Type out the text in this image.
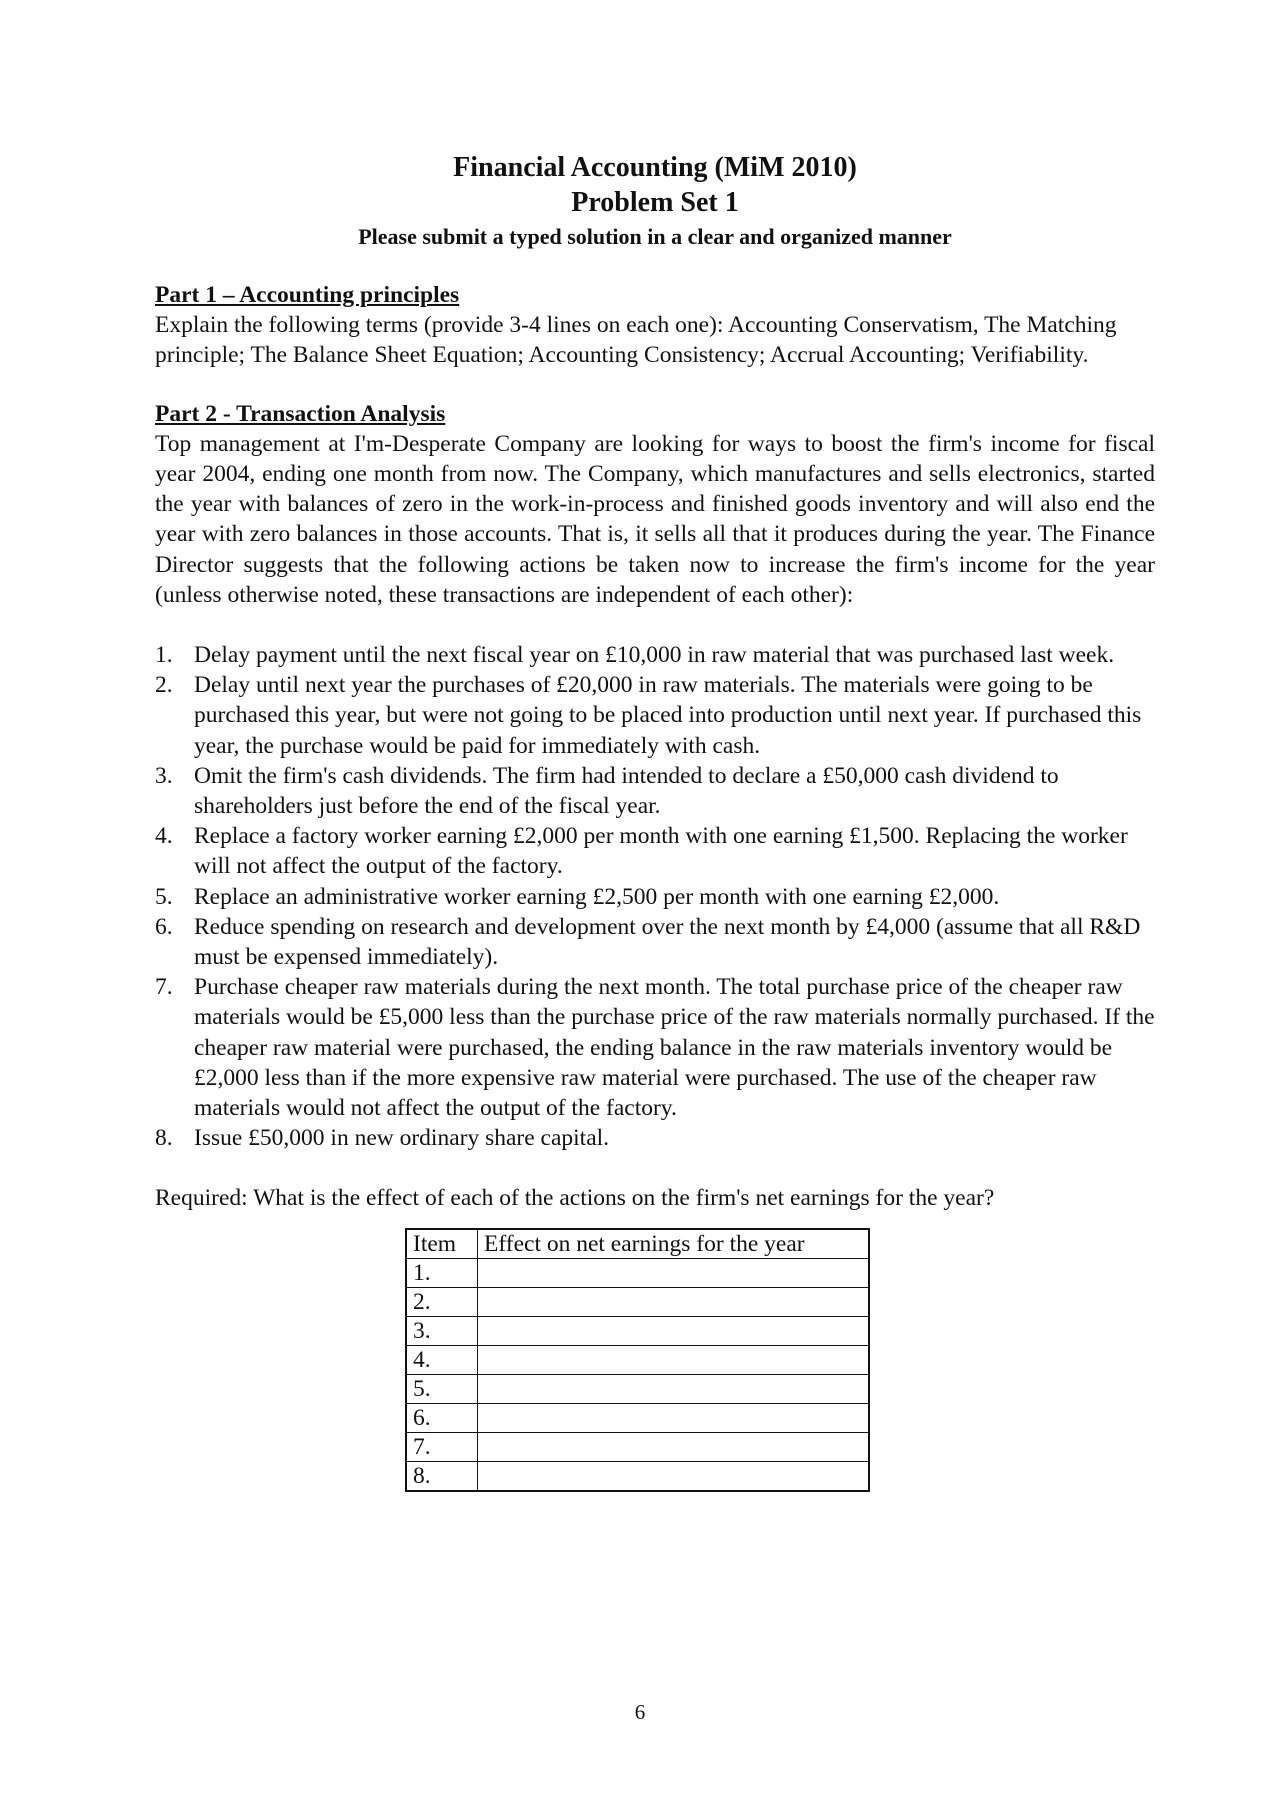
Financial Accounting (MiM 2010)
Problem Set 1
Please submit a typed solution in a clear and organized manner
Part 1 – Accounting principles

Explain the following terms (provide 3-4 lines on each one): Accounting Conservatism, The Matching principle; The Balance Sheet Equation; Accounting Consistency; Accrual Accounting; Verifiability.

Part 2 - Transaction Analysis

Top management at I'm-Desperate Company are looking for ways to boost the firm's income for fiscal year 2004, ending one month from now. The Company, which manufactures and sells electronics, started the year with balances of zero in the work-in-process and finished goods inventory and will also end the year with zero balances in those accounts. That is, it sells all that it produces during the year. The Finance Director suggests that the following actions be taken now to increase the firm's income for the year (unless otherwise noted, these transactions are independent of each other):

1. Delay payment until the next fiscal year on £10,000 in raw material that was purchased last week.
2. Delay until next year the purchases of £20,000 in raw materials. The materials were going to be purchased this year, but were not going to be placed into production until next year. If purchased this year, the purchase would be paid for immediately with cash.
3. Omit the firm's cash dividends. The firm had intended to declare a £50,000 cash dividend to shareholders just before the end of the fiscal year.
4. Replace a factory worker earning £2,000 per month with one earning £1,500. Replacing the worker will not affect the output of the factory.
5. Replace an administrative worker earning £2,500 per month with one earning £2,000.
6. Reduce spending on research and development over the next month by £4,000 (assume that all R&D must be expensed immediately).
7. Purchase cheaper raw materials during the next month. The total purchase price of the cheaper raw materials would be £5,000 less than the purchase price of the raw materials normally purchased. If the cheaper raw material were purchased, the ending balance in the raw materials inventory would be £2,000 less than if the more expensive raw material were purchased. The use of the cheaper raw materials would not affect the output of the factory.
8. Issue £50,000 in new ordinary share capital.

Required: What is the effect of each of the actions on the firm's net earnings for the year?

Item	Effect on net earnings for the year
1.	
2.	
3.	
4.	
5.	
6.	
7.	
8.	
6
